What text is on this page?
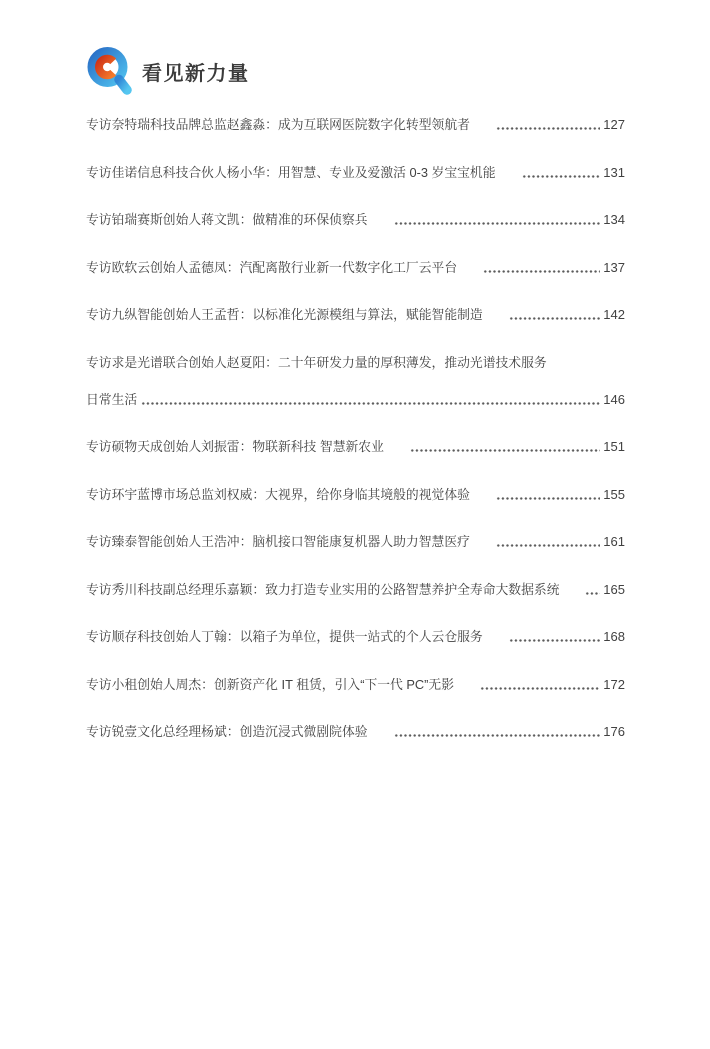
看见新力量
专访奈特瑞科技品牌总监赵鑫淼：成为互联网医院数字化转型领航者	127
专访佳诺信息科技合伙人杨小华：用智慧、专业及爱激活 0-3 岁宝宝机能	131
专访铂瑞赛斯创始人蒋文凯：做精准的环保侦察兵	134
专访欧软云创始人孟德凤：汽配离散行业新一代数字化工厂云平台	137
专访九纵智能创始人王孟哲：以标准化光源模组与算法，赋能智能制造	142
专访求是光谱联合创始人赵夏阳：二十年研发力量的厚积薄发，推动光谱技术服务
日常生活	146
专访硕物天成创始人刘振雷：物联新科技 智慧新农业	151
专访环宇蓝博市场总监刘权威：大视界，给你身临其境般的视觉体验	155
专访臻泰智能创始人王浩冲：脑机接口智能康复机器人助力智慧医疗	161
专访秀川科技副总经理乐嘉颖：致力打造专业实用的公路智慧养护全寿命大数据系统	165
专访顺存科技创始人丁翰：以箱子为单位，提供一站式的个人云仓服务	168
专访小租创始人周杰：创新资产化 IT 租赁，引入“下一代 PC”无影	172
专访锐壹文化总经理杨斌：创造沉浸式微剧院体验	176
